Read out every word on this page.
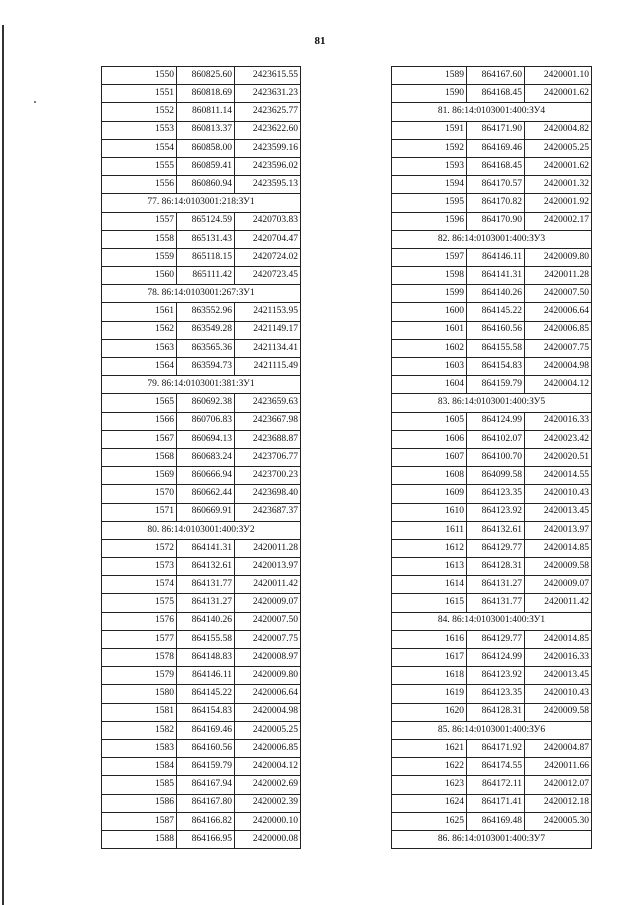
81
1550	860825.60	2423615.55
1551	860818.69	2423631.23
1552	860811.14	2423625.77
1553	860813.37	2423622.60
1554	860858.00	2423599.16
1555	860859.41	2423596.02
1556	860860.94	2423595.13
77. 86:14:0103001:218:ЗУ1		
1557	865124.59	2420703.83
1558	865131.43	2420704.47
1559	865118.15	2420724.02
1560	865111.42	2420723.45
78. 86:14:0103001:267:ЗУ1		
1561	863552.96	2421153.95
1562	863549.28	2421149.17
1563	863565.36	2421134.41
1564	863594.73	2421115.49
79. 86:14:0103001:381:ЗУ1		
1565	860692.38	2423659.63
1566	860706.83	2423667.98
1567	860694.13	2423688.87
1568	860683.24	2423706.77
1569	860666.94	2423700.23
1570	860662.44	2423698.40
1571	860669.91	2423687.37
80. 86:14:0103001:400:ЗУ2		
1572	864141.31	2420011.28
1573	864132.61	2420013.97
1574	864131.77	2420011.42
1575	864131.27	2420009.07
1576	864140.26	2420007.50
1577	864155.58	2420007.75
1578	864148.83	2420008.97
1579	864146.11	2420009.80
1580	864145.22	2420006.64
1581	864154.83	2420004.98
1582	864169.46	2420005.25
1583	864160.56	2420006.85
1584	864159.79	2420004.12
1585	864167.94	2420002.69
1586	864167.80	2420002.39
1587	864166.82	2420000.10
1588	864166.95	2420000.08
1589	864167.60	2420001.10
1590	864168.45	2420001.62
81. 86:14:0103001:400:ЗУ4		
1591	864171.90	2420004.82
1592	864169.46	2420005.25
1593	864168.45	2420001.62
1594	864170.57	2420001.32
1595	864170.82	2420001.92
1596	864170.90	2420002.17
82. 86:14:0103001:400:ЗУ3		
1597	864146.11	2420009.80
1598	864141.31	2420011.28
1599	864140.26	2420007.50
1600	864145.22	2420006.64
1601	864160.56	2420006.85
1602	864155.58	2420007.75
1603	864154.83	2420004.98
1604	864159.79	2420004.12
83. 86:14:0103001:400:ЗУ5		
1605	864124.99	2420016.33
1606	864102.07	2420023.42
1607	864100.70	2420020.51
1608	864099.58	2420014.55
1609	864123.35	2420010.43
1610	864123.92	2420013.45
1611	864132.61	2420013.97
1612	864129.77	2420014.85
1613	864128.31	2420009.58
1614	864131.27	2420009.07
1615	864131.77	2420011.42
84. 86:14:0103001:400:ЗУ1		
1616	864129.77	2420014.85
1617	864124.99	2420016.33
1618	864123.92	2420013.45
1619	864123.35	2420010.43
1620	864128.31	2420009.58
85. 86:14:0103001:400:ЗУ6		
1621	864171.92	2420004.87
1622	864174.55	2420011.66
1623	864172.11	2420012.07
1624	864171.41	2420012.18
1625	864169.48	2420005.30
86. 86:14:0103001:400:ЗУ7		
